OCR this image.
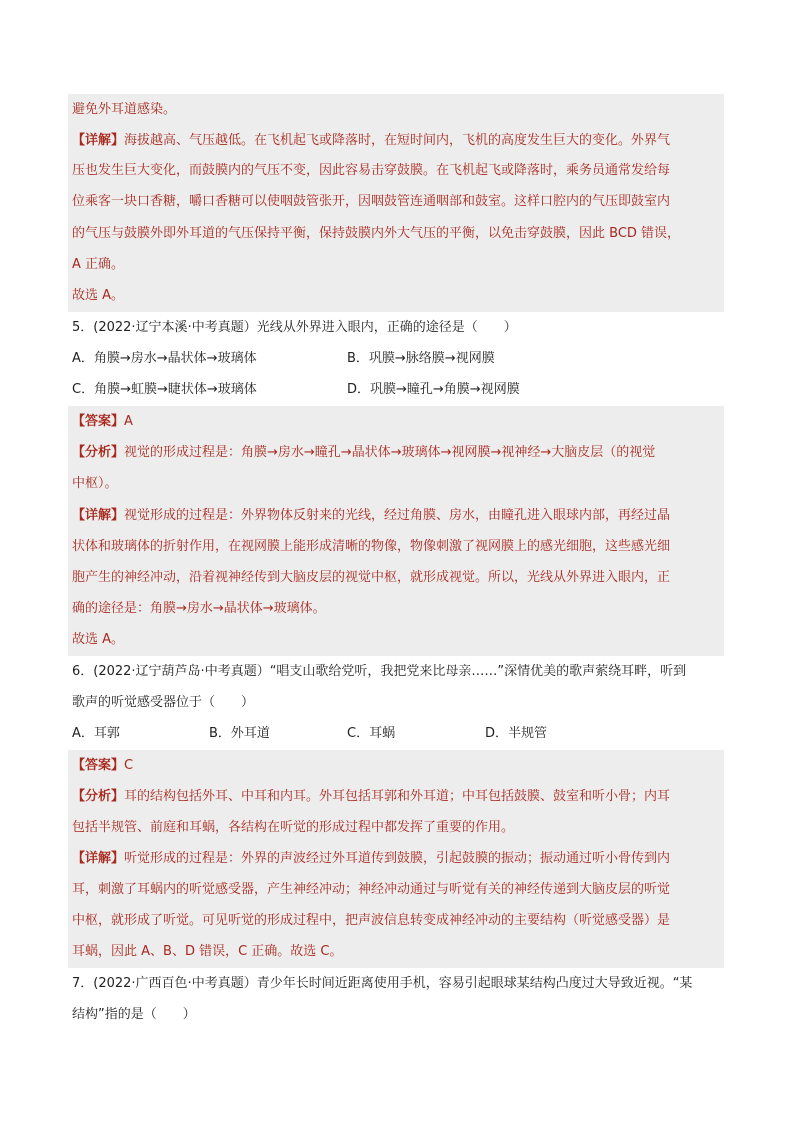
避免外耳道感染。
【详解】海拔越高、气压越低。在飞机起飞或降落时，在短时间内，飞机的高度发生巨大的变化。外界气
压也发生巨大变化，而鼓膜内的气压不变，因此容易击穿鼓膜。在飞机起飞或降落时，乘务员通常发给每
位乘客一块口香糖，嚼口香糖可以使咽鼓管张开，因咽鼓管连通咽部和鼓室。这样口腔内的气压即鼓室内
的气压与鼓膜外即外耳道的气压保持平衡，保持鼓膜内外大气压的平衡，以免击穿鼓膜，因此 BCD 错误，
A 正确。
故选 A。
5．(2022·辽宁本溪·中考真题）光线从外界进入眼内，正确的途径是（　　）
A．角膜→房水→晶状体→玻璃体	B．巩膜→脉络膜→视网膜
C．角膜→虹膜→睫状体→玻璃体	D．巩膜→瞳孔→角膜→视网膜
【答案】A
【分析】视觉的形成过程是：角膜→房水→瞳孔→晶状体→玻璃体→视网膜→视神经→大脑皮层（的视觉
中枢）。
【详解】视觉形成的过程是：外界物体反射来的光线，经过角膜、房水，由瞳孔进入眼球内部，再经过晶
状体和玻璃体的折射作用，在视网膜上能形成清晰的物像，物像刺激了视网膜上的感光细胞，这些感光细
胞产生的神经冲动，沿着视神经传到大脑皮层的视觉中枢，就形成视觉。所以，光线从外界进入眼内，正
确的途径是：角膜→房水→晶状体→玻璃体。
故选 A。
6．(2022·辽宁葫芦岛·中考真题）“唱支山歌给党听，我把党来比母亲……”深情优美的歌声萦绕耳畔，听到
歌声的听觉感受器位于（　　）
A．耳郭	B．外耳道	C．耳蜗	D．半规管
【答案】C
【分析】耳的结构包括外耳、中耳和内耳。外耳包括耳郭和外耳道；中耳包括鼓膜、鼓室和听小骨；内耳
包括半规管、前庭和耳蜗，各结构在听觉的形成过程中都发挥了重要的作用。
【详解】听觉形成的过程是：外界的声波经过外耳道传到鼓膜，引起鼓膜的振动；振动通过听小骨传到内
耳，刺激了耳蜗内的听觉感受器，产生神经冲动；神经冲动通过与听觉有关的神经传递到大脑皮层的听觉
中枢，就形成了听觉。可见听觉的形成过程中，把声波信息转变成神经冲动的主要结构（听觉感受器）是
耳蜗，因此 A、B、D 错误，C 正确。故选 C。
7．(2022·广西百色·中考真题）青少年长时间近距离使用手机，容易引起眼球某结构凸度过大导致近视。“某
结构”指的是（　　）
